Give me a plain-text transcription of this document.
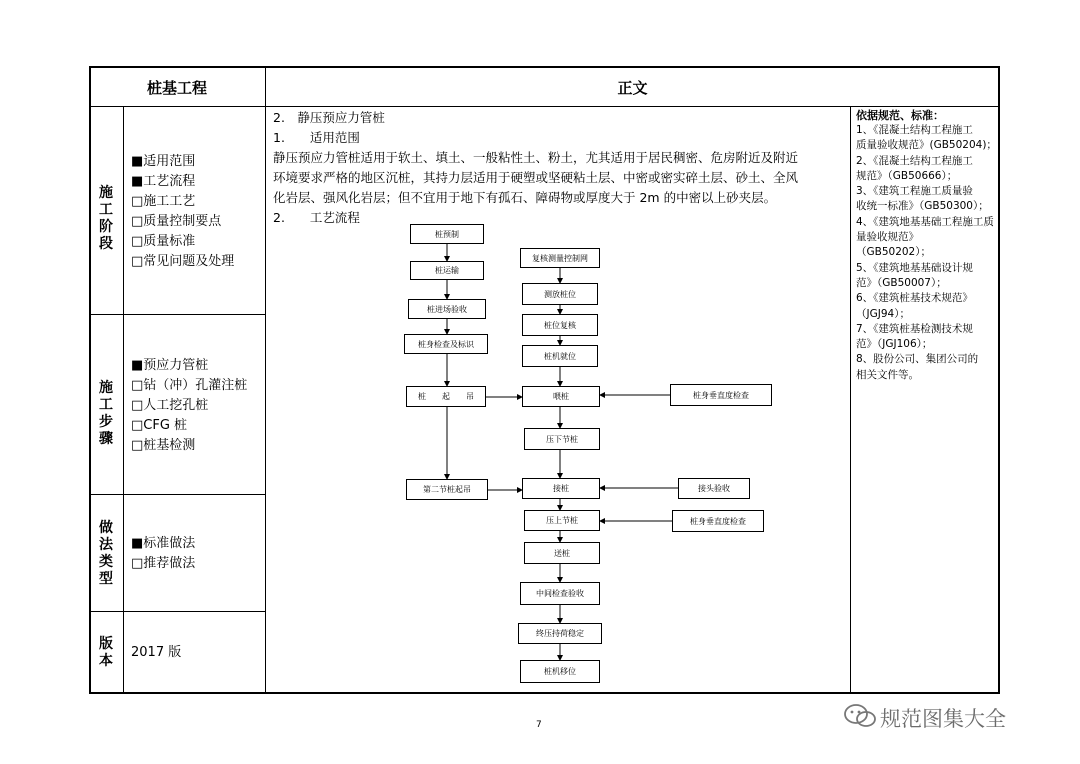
桩基工程	正文
施工阶段
■适用范围
■工艺流程
□施工工艺
□质量控制要点
□质量标准
□常见问题及处理
施工步骤
■预应力管桩
□钻（冲）孔灌注桩
□人工挖孔桩
□CFG 桩
□桩基检测
做法类型
■标准做法
□推荐做法
版本
2017 版
2.　静压预应力管桩
1.　　适用范围
静压预应力管桩适用于软土、填土、一般粘性土、粉土，尤其适用于居民稠密、危房附近及附近
环境要求严格的地区沉桩，其持力层适用于硬塑或坚硬粘土层、中密或密实碎土层、砂土、全风
化岩层、强风化岩层；但不宜用于地下有孤石、障碍物或厚度大于 2m 的中密以上砂夹层。
2.　　工艺流程
桩预制
桩运输
桩进场验收
桩身检查及标识
桩　　起　　吊
第二节桩起吊
复核测量控制网
测放桩位
桩位复核
桩机就位
喂桩
压下节桩
接桩
压上节桩
送桩
中间检查验收
终压持荷稳定
桩机移位
桩身垂直度检查
接头验收
桩身垂直度检查
依据规范、标准：
1、《混凝土结构工程施工
质量验收规范》(GB50204)；
2、《混凝土结构工程施工
规范》（GB50666）；
3、《建筑工程施工质量验
收统一标准》（GB50300）；
4、《建筑地基基础工程施工质量验收规范》
（GB50202）；
5、《建筑地基基础设计规
范》（GB50007）；
6、《建筑桩基技术规范》
（JGJ94）；
7、《建筑桩基检测技术规
范》（JGJ106）；
8、股份公司、集团公司的
相关文件等。
7	规范图集大全
